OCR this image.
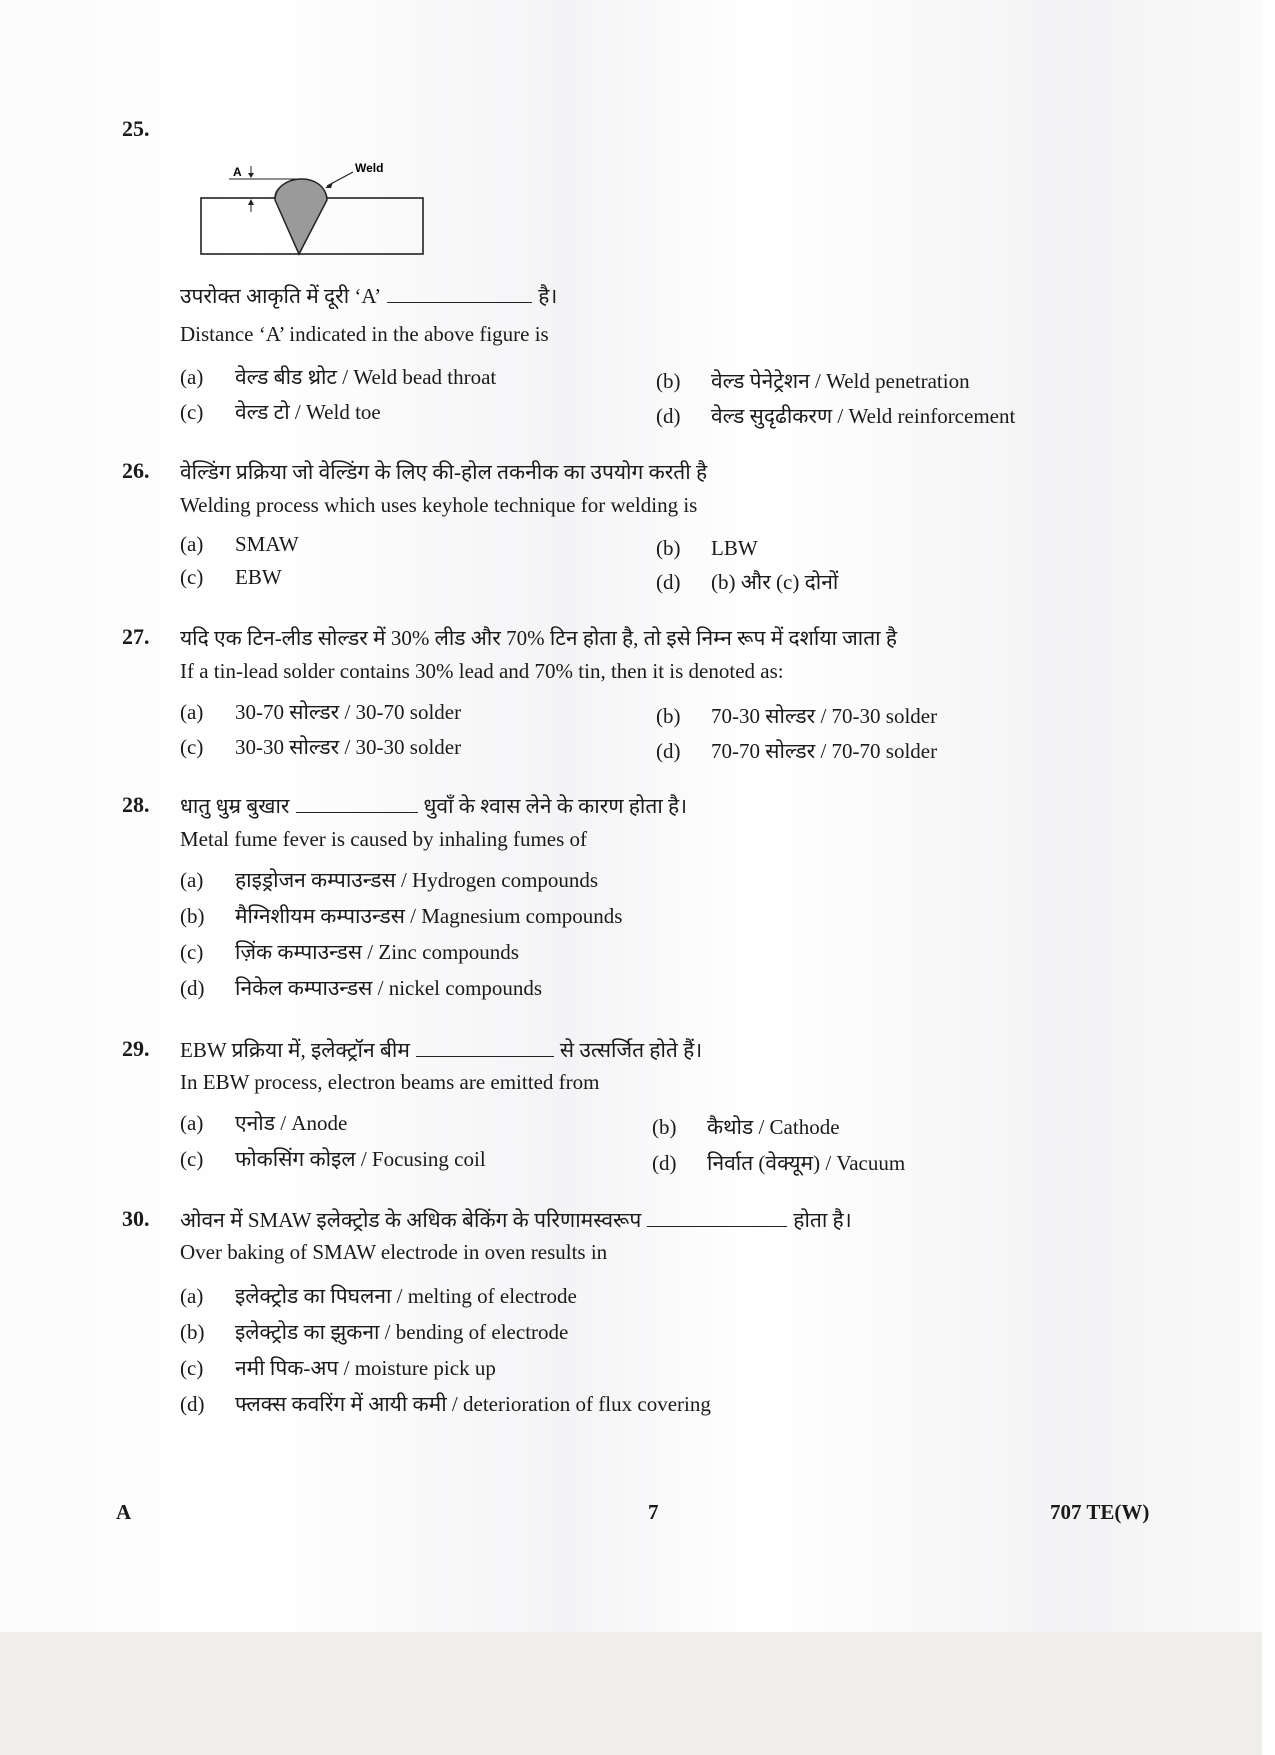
25.
A	Weld
उपरोक्त आकृति में दूरी ‘A’	है।
Distance ‘A’ indicated in the above figure is
(a) वेल्ड बीड थ्रोट / Weld bead throat	(b) वेल्ड पेनेट्रेशन / Weld penetration
(c) वेल्ड टो / Weld toe	(d) वेल्ड सुदृढीकरण / Weld reinforcement
26. वेल्डिंग प्रक्रिया जो वेल्डिंग के लिए की-होल तकनीक का उपयोग करती है
Welding process which uses keyhole technique for welding is
(a) SMAW	(b) LBW
(c) EBW	(d) (b) और (c) दोनों
27. यदि एक टिन-लीड सोल्डर में 30% लीड और 70% टिन होता है, तो इसे निम्न रूप में दर्शाया जाता है
If a tin-lead solder contains 30% lead and 70% tin, then it is denoted as:
(a) 30-70 सोल्डर / 30-70 solder	(b) 70-30 सोल्डर / 70-30 solder
(c) 30-30 सोल्डर / 30-30 solder	(d) 70-70 सोल्डर / 70-70 solder
28. धातु धुम्र बुखार	धुवाँ के श्वास लेने के कारण होता है।
Metal fume fever is caused by inhaling fumes of
(a) हाइड्रोजन कम्पाउन्डस / Hydrogen compounds
(b) मैग्निशीयम कम्पाउन्डस / Magnesium compounds
(c) ज़िंक कम्पाउन्डस / Zinc compounds
(d) निकेल कम्पाउन्डस / nickel compounds
29. EBW प्रक्रिया में, इलेक्ट्रॉन बीम	से उत्सर्जित होते हैं।
In EBW process, electron beams are emitted from
(a) एनोड / Anode	(b) कैथोड / Cathode
(c) फोकसिंग कोइल / Focusing coil	(d) निर्वात (वेक्यूम) / Vacuum
30. ओवन में SMAW इलेक्ट्रोड के अधिक बेकिंग के परिणामस्वरूप	होता है।
Over baking of SMAW electrode in oven results in
(a) इलेक्ट्रोड का पिघलना / melting of electrode
(b) इलेक्ट्रोड का झुकना / bending of electrode
(c) नमी पिक-अप / moisture pick up
(d) फ्लक्स कवरिंग में आयी कमी / deterioration of flux covering
A	7	707 TE(W)
